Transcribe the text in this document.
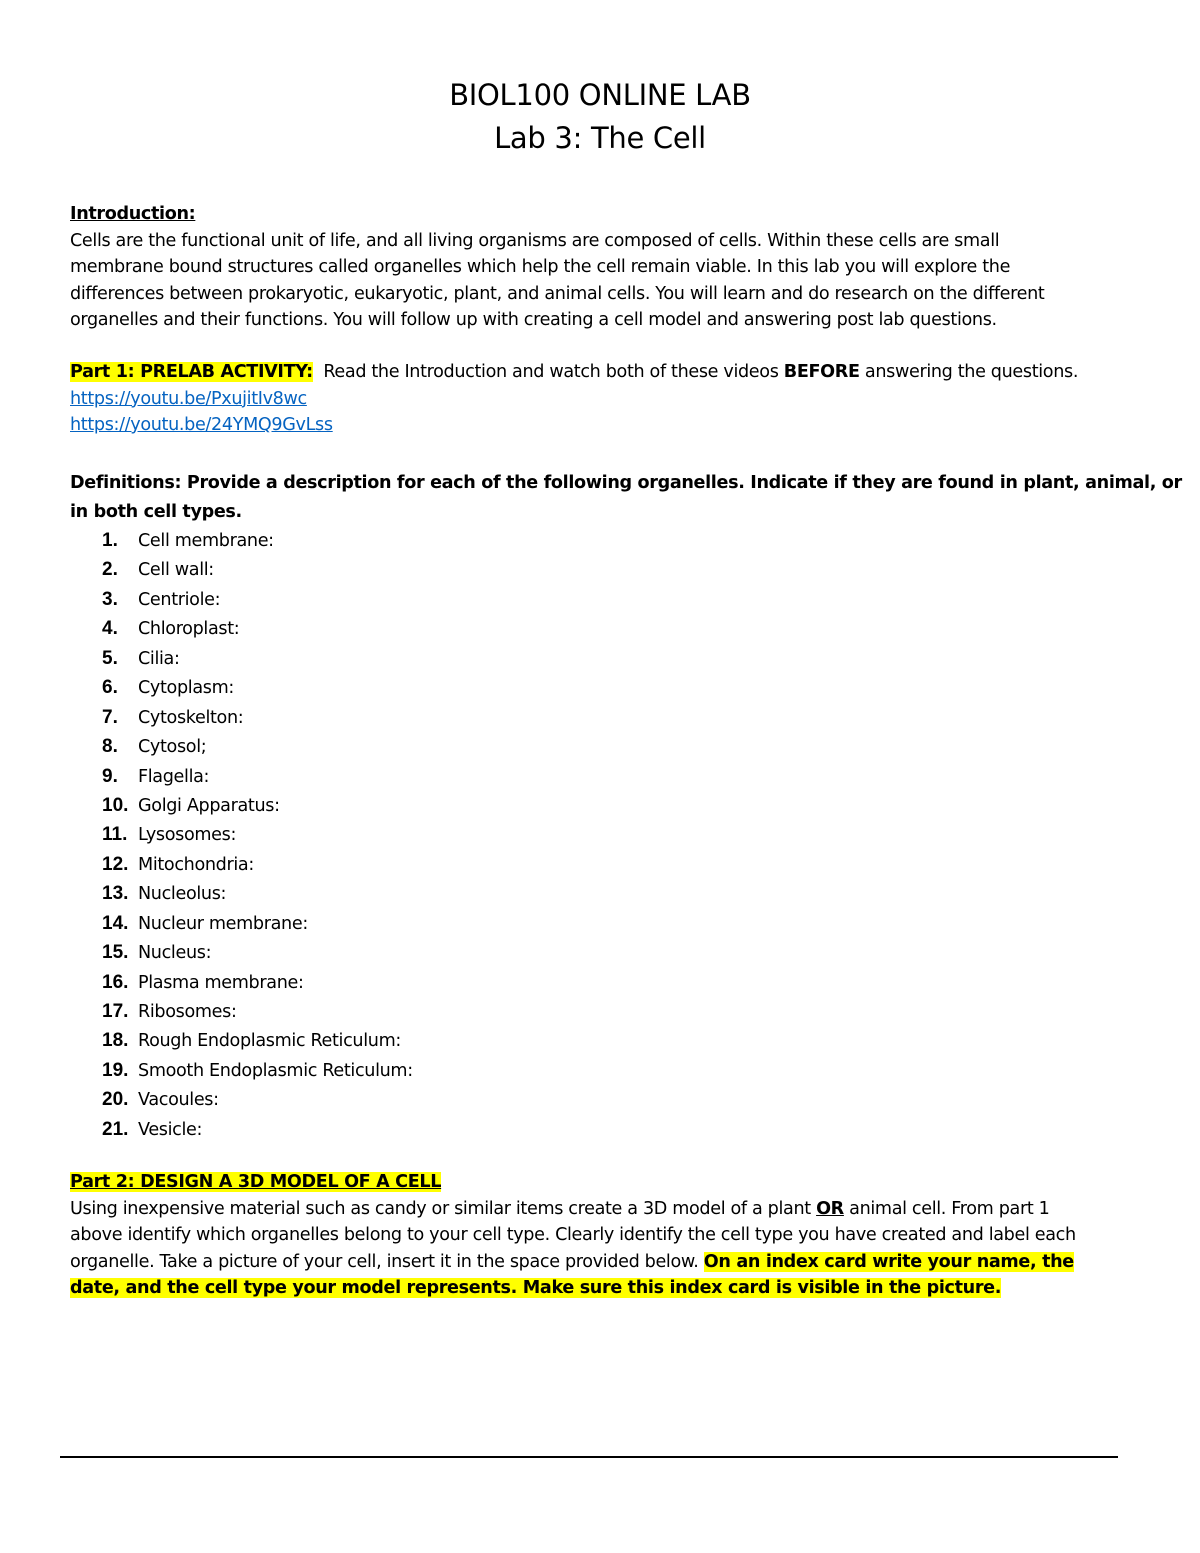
BIOL100 ONLINE LAB
Lab 3: The Cell
Introduction:
Cells are the functional unit of life, and all living organisms are composed of cells. Within these cells are small
membrane bound structures called organelles which help the cell remain viable. In this lab you will explore the
differences between prokaryotic, eukaryotic, plant, and animal cells. You will learn and do research on the different
organelles and their functions. You will follow up with creating a cell model and answering post lab questions.
Part 1: PRELAB ACTIVITY: Read the Introduction and watch both of these videos BEFORE answering the questions.
https://youtu.be/PxujitIv8wc
https://youtu.be/24YMQ9GvLss
Definitions: Provide a description for each of the following organelles. Indicate if they are found in plant, animal, or
in both cell types.
1. Cell membrane:
2. Cell wall:
3. Centriole:
4. Chloroplast:
5. Cilia:
6. Cytoplasm:
7. Cytoskelton:
8. Cytosol;
9. Flagella:
10. Golgi Apparatus:
11. Lysosomes:
12. Mitochondria:
13. Nucleolus:
14. Nucleur membrane:
15. Nucleus:
16. Plasma membrane:
17. Ribosomes:
18. Rough Endoplasmic Reticulum:
19. Smooth Endoplasmic Reticulum:
20. Vacoules:
21. Vesicle:
Part 2: DESIGN A 3D MODEL OF A CELL
Using inexpensive material such as candy or similar items create a 3D model of a plant OR animal cell. From part 1
above identify which organelles belong to your cell type. Clearly identify the cell type you have created and label each
organelle. Take a picture of your cell, insert it in the space provided below. On an index card write your name, the
date, and the cell type your model represents. Make sure this index card is visible in the picture.
